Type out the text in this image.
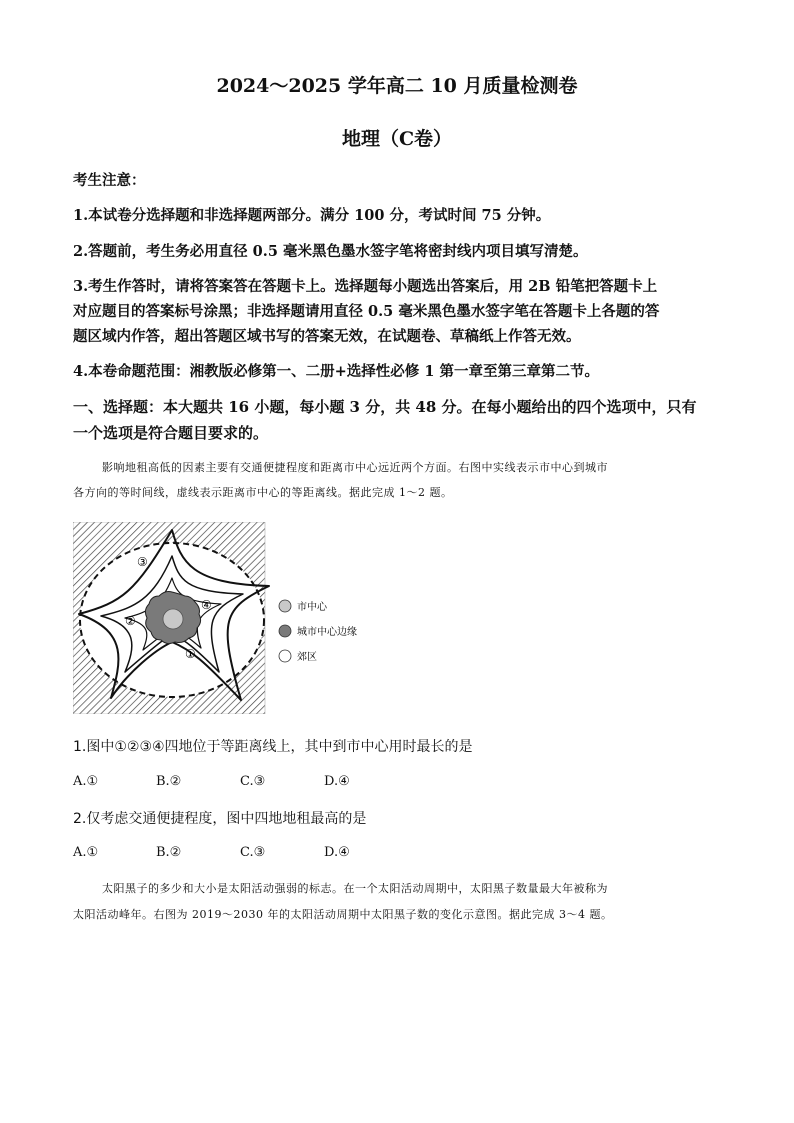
2024～2025 学年高二 10 月质量检测卷
地理（C卷）
考生注意：
1.本试卷分选择题和非选择题两部分。满分 100 分，考试时间 75 分钟。
2.答题前，考生务必用直径 0.5 毫米黑色墨水签字笔将密封线内项目填写清楚。
3.考生作答时，请将答案答在答题卡上。选择题每小题选出答案后，用 2B 铅笔把答题卡上
对应题目的答案标号涂黑；非选择题请用直径 0.5 毫米黑色墨水签字笔在答题卡上各题的答
题区域内作答，超出答题区域书写的答案无效，在试题卷、草稿纸上作答无效。
4.本卷命题范围：湘教版必修第一、二册+选择性必修 1 第一章至第三章第二节。
一、选择题：本大题共 16 小题，每小题 3 分，共 48 分。在每小题给出的四个选项中，只有
一个选项是符合题目要求的。
影响地租高低的因素主要有交通便捷程度和距离市中心远近两个方面。右图中实线表示市中心到城市
各方向的等时间线，虚线表示距离市中心的等距离线。据此完成 1～2 题。
③
④
②
①
市中心
城市中心边缘
郊区
1.图中①②③④四地位于等距离线上，其中到市中心用时最长的是
A.①	B.②	C.③	D.④
2.仅考虑交通便捷程度，图中四地地租最高的是
A.①	B.②	C.③	D.④
太阳黑子的多少和大小是太阳活动强弱的标志。在一个太阳活动周期中，太阳黑子数量最大年被称为
太阳活动峰年。右图为 2019～2030 年的太阳活动周期中太阳黑子数的变化示意图。据此完成 3～4 题。
